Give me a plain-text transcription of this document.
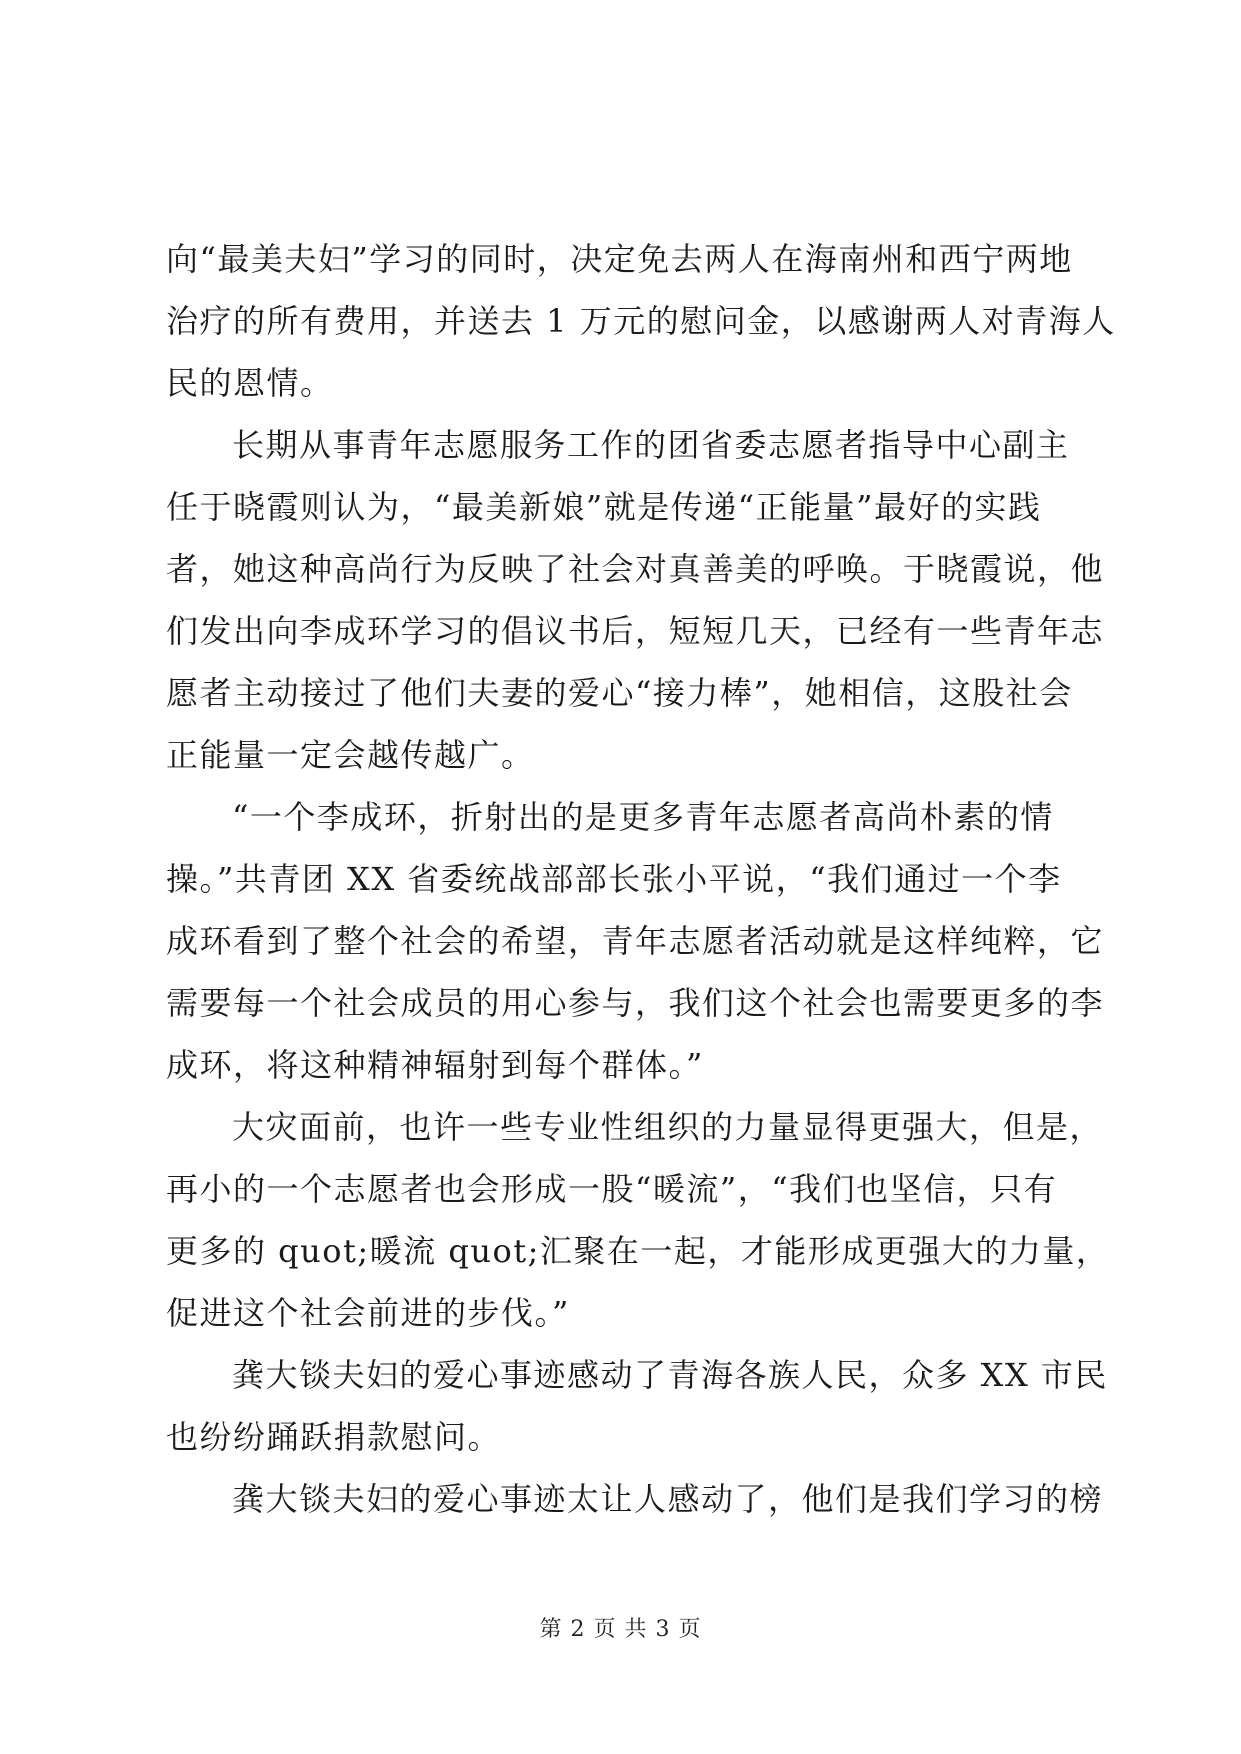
向“最美夫妇”学习的同时，决定免去两人在海南州和西宁两地
治疗的所有费用，并送去 1 万元的慰问金，以感谢两人对青海人
民的恩情。
长期从事青年志愿服务工作的团省委志愿者指导中心副主
任于晓霞则认为，“最美新娘”就是传递“正能量”最好的实践
者，她这种高尚行为反映了社会对真善美的呼唤。于晓霞说，他
们发出向李成环学习的倡议书后，短短几天，已经有一些青年志
愿者主动接过了他们夫妻的爱心“接力棒”，她相信，这股社会
正能量一定会越传越广。
“一个李成环，折射出的是更多青年志愿者高尚朴素的情
操。”共青团 XX 省委统战部部长张小平说，“我们通过一个李
成环看到了整个社会的希望，青年志愿者活动就是这样纯粹，它
需要每一个社会成员的用心参与，我们这个社会也需要更多的李
成环，将这种精神辐射到每个群体。”
大灾面前，也许一些专业性组织的力量显得更强大，但是，
再小的一个志愿者也会形成一股“暖流”，“我们也坚信，只有
更多的 quot;暖流 quot;汇聚在一起，才能形成更强大的力量，
促进这个社会前进的步伐。”
龚大锬夫妇的爱心事迹感动了青海各族人民，众多 XX 市民
也纷纷踊跃捐款慰问。
龚大锬夫妇的爱心事迹太让人感动了，他们是我们学习的榜
第 2 页 共 3 页
